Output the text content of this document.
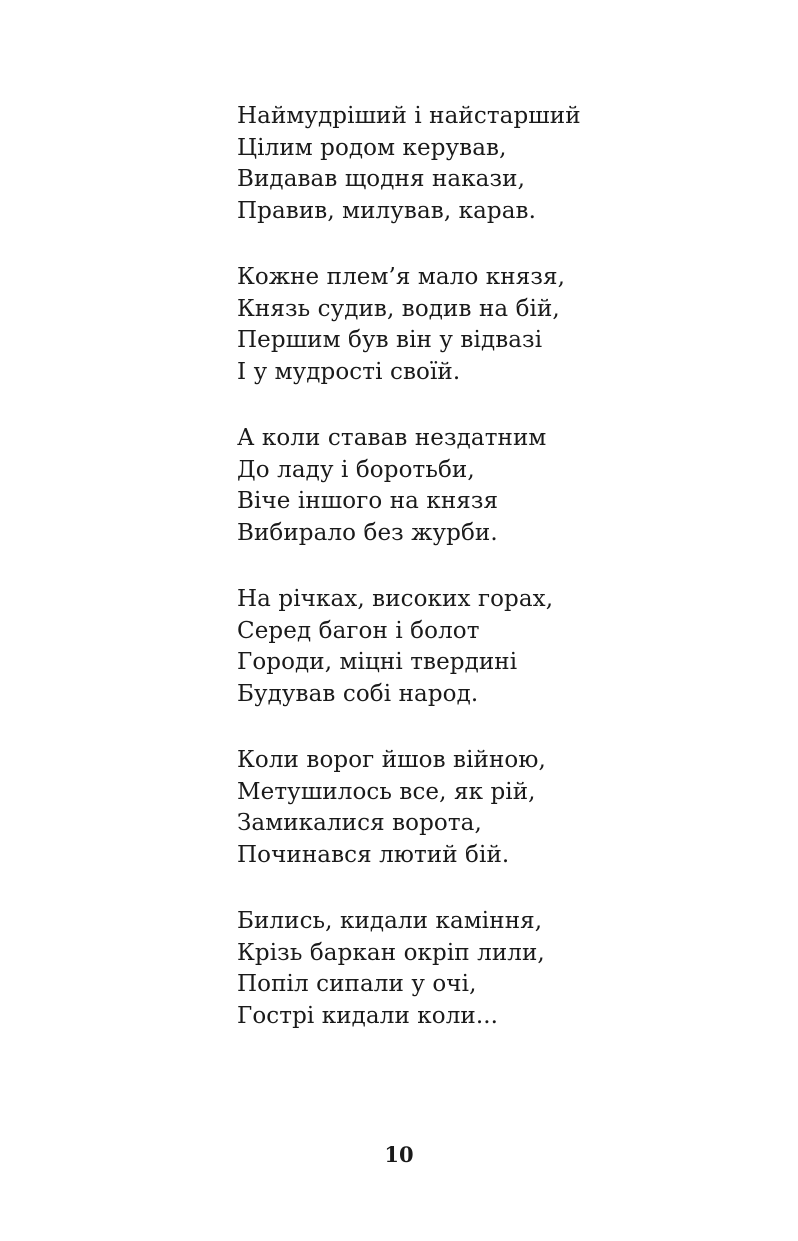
Наймудріший і найстарший
Цілим родом керував,
Видавав щодня накази,
Правив, милував, карав.
Кожне плем’я мало князя,
Князь судив, водив на бій,
Першим був він у відвазі
І у мудрості своїй.
А коли ставав нездатним
До ладу і боротьби,
Віче іншого на князя
Вибирало без журби.
На річках, високих горах,
Серед багон і болот
Городи, міцні твердині
Будував собі народ.
Коли ворог йшов війною,
Метушилось все, як рій,
Замикалися ворота,
Починався лютий бій.
Бились, кидали каміння,
Крізь баркан окріп лили,
Попіл сипали у очі,
Гострі кидали коли...
10
